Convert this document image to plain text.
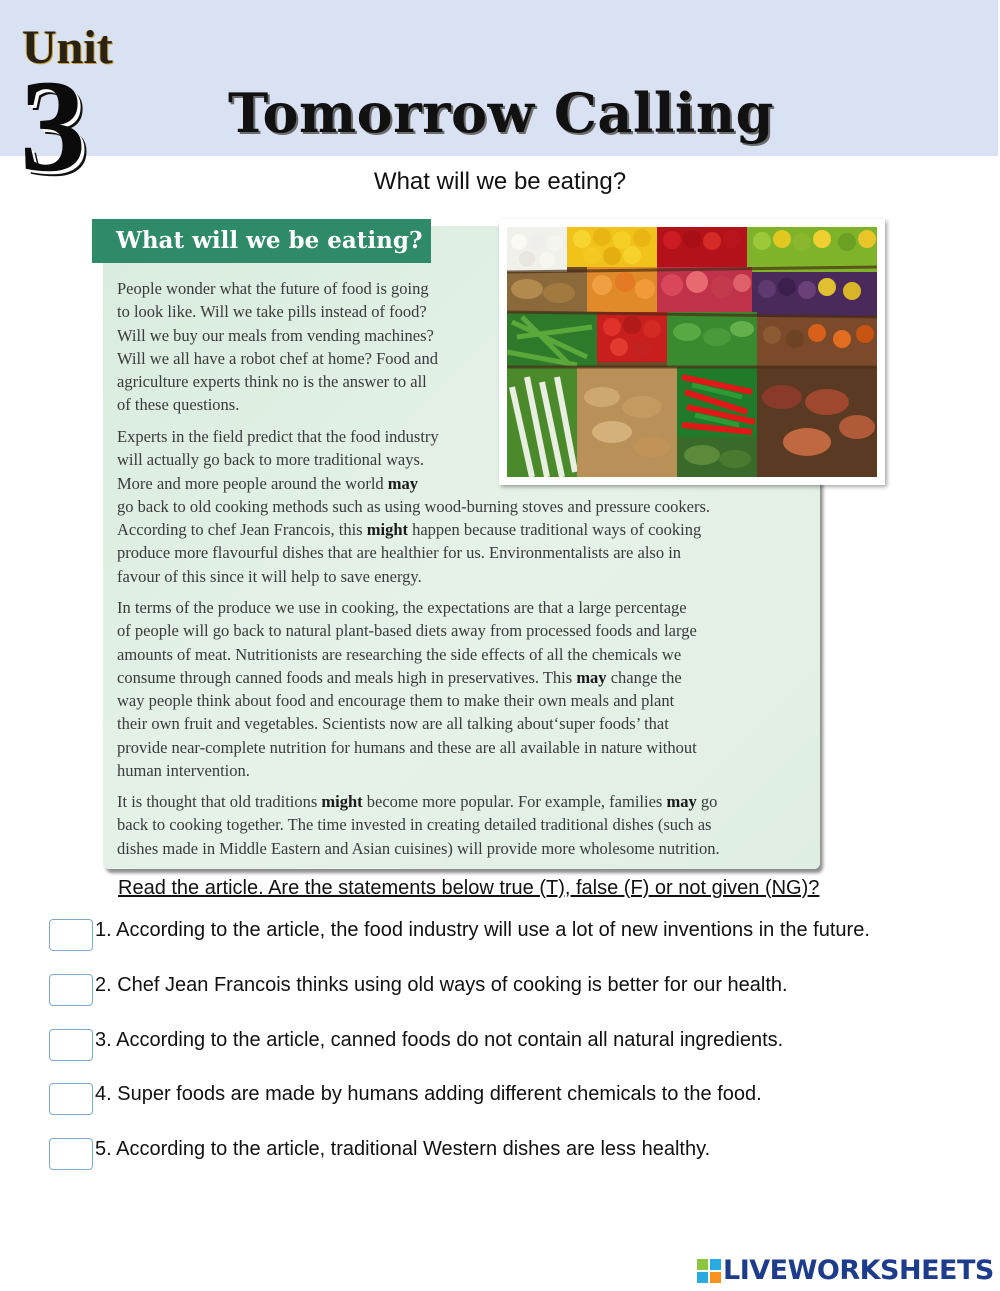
Unit
3	Tomorrow Calling
What will we be eating?
What will we be eating?
People wonder what the future of food is going
to look like. Will we take pills instead of food?
Will we buy our meals from vending machines?
Will we all have a robot chef at home? Food and
agriculture experts think no is the answer to all
of these questions.
Experts in the field predict that the food industry
will actually go back to more traditional ways.
More and more people around the world may
go back to old cooking methods such as using wood-burning stoves and pressure cookers.
According to chef Jean Francois, this might happen because traditional ways of cooking
produce more flavourful dishes that are healthier for us. Environmentalists are also in
favour of this since it will help to save energy.
In terms of the produce we use in cooking, the expectations are that a large percentage
of people will go back to natural plant-based diets away from processed foods and large
amounts of meat. Nutritionists are researching the side effects of all the chemicals we
consume through canned foods and meals high in preservatives. This may change the
way people think about food and encourage them to make their own meals and plant
their own fruit and vegetables. Scientists now are all talking about‘super foods’ that
provide near-complete nutrition for humans and these are all available in nature without
human intervention.
It is thought that old traditions might become more popular. For example, families may go
back to cooking together. The time invested in creating detailed traditional dishes (such as
dishes made in Middle Eastern and Asian cuisines) will provide more wholesome nutrition.
Read the article. Are the statements below true (T), false (F) or not given (NG)?
1. According to the article, the food industry will use a lot of new inventions in the future.
2. Chef Jean Francois thinks using old ways of cooking is better for our health.
3. According to the article, canned foods do not contain all natural ingredients.
4. Super foods are made by humans adding different chemicals to the food.
5. According to the article, traditional Western dishes are less healthy.
LIVEWORKSHEETS
